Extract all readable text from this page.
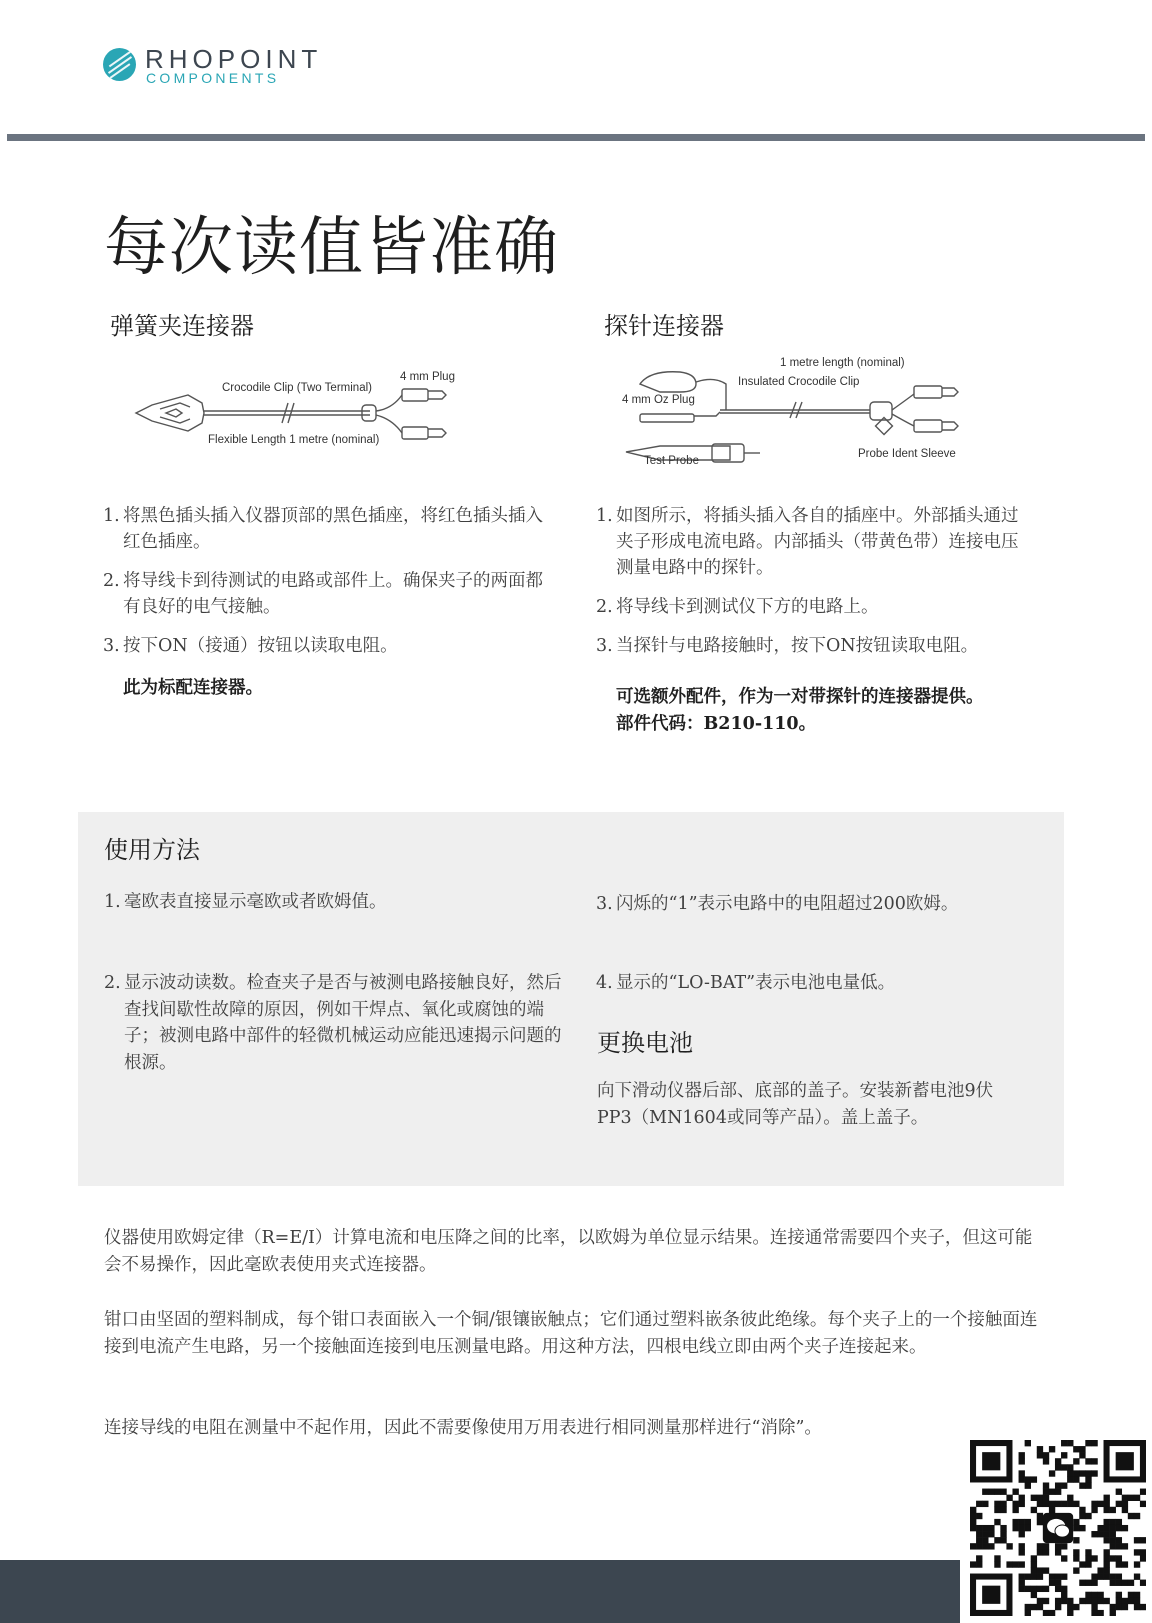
RHOPOINT
COMPONENTS
每次读值皆准确
弹簧夹连接器
Crocodile Clip (Two Terminal)
4 mm Plug
Flexible Length 1 metre (nominal)
1. 将黑色插头插入仪器顶部的黑色插座，将红色插头插入红色插座。
2. 将导线卡到待测试的电路或部件上。确保夹子的两面都有良好的电气接触。
3. 按下ON（接通）按钮以读取电阻。
此为标配连接器。
探针连接器
1 metre length (nominal)
Insulated Crocodile Clip
4 mm Oz Plug
Test Probe
Probe Ident Sleeve
1. 如图所示，将插头插入各自的插座中。外部插头通过夹子形成电流电路。内部插头（带黄色带）连接电压测量电路中的探针。
2. 将导线卡到测试仪下方的电路上。
3. 当探针与电路接触时，按下ON按钮读取电阻。
可选额外配件，作为一对带探针的连接器提供。
部件代码：B210-110。
使用方法
1. 毫欧表直接显示毫欧或者欧姆值。
2. 显示波动读数。检查夹子是否与被测电路接触良好，然后查找间歇性故障的原因，例如干焊点、氧化或腐蚀的端子；被测电路中部件的轻微机械运动应能迅速揭示问题的根源。
3. 闪烁的“1”表示电路中的电阻超过200欧姆。
4. 显示的“LO-BAT”表示电池电量低。
更换电池
向下滑动仪器后部、底部的盖子。安装新蓄电池9伏PP3（MN1604或同等产品）。盖上盖子。
仪器使用欧姆定律（R=E/I）计算电流和电压降之间的比率，以欧姆为单位显示结果。连接通常需要四个夹子，但这可能会不易操作，因此毫欧表使用夹式连接器。
钳口由坚固的塑料制成，每个钳口表面嵌入一个铜/银镶嵌触点；它们通过塑料嵌条彼此绝缘。每个夹子上的一个接触面连接到电流产生电路，另一个接触面连接到电压测量电路。用这种方法，四根电线立即由两个夹子连接起来。
连接导线的电阻在测量中不起作用，因此不需要像使用万用表进行相同测量那样进行“消除”。
